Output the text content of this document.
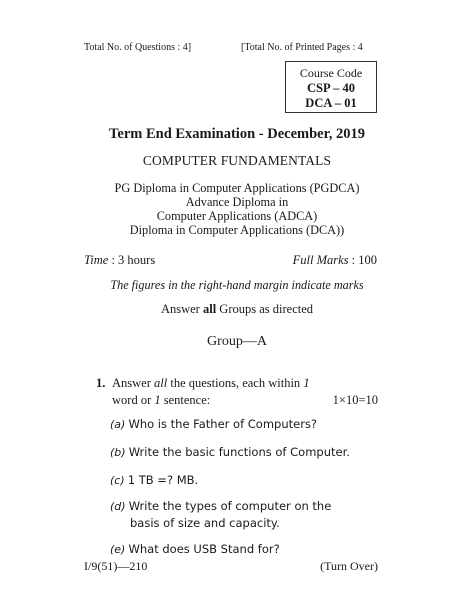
Total No. of Questions : 4]	[Total No. of Printed Pages : 4
Course Code
CSP – 40
DCA – 01
Term End Examination - December, 2019
COMPUTER FUNDAMENTALS
PG Diploma in Computer Applications (PGDCA)
Advance Diploma in
Computer Applications (ADCA)
Diploma in Computer Applications (DCA))
Time : 3 hours	Full Marks : 100
The figures in the right-hand margin indicate marks
Answer all Groups as directed
Group—A
1. Answer all the questions, each within 1
word or 1 sentence:	1×10=10
(a) Who is the Father of Computers?
(b) Write the basic functions of Computer.
(c) 1 TB =? MB.
(d) Write the types of computer on the
basis of size and capacity.
(e) What does USB Stand for?
I/9(51)—210	(Turn Over)
